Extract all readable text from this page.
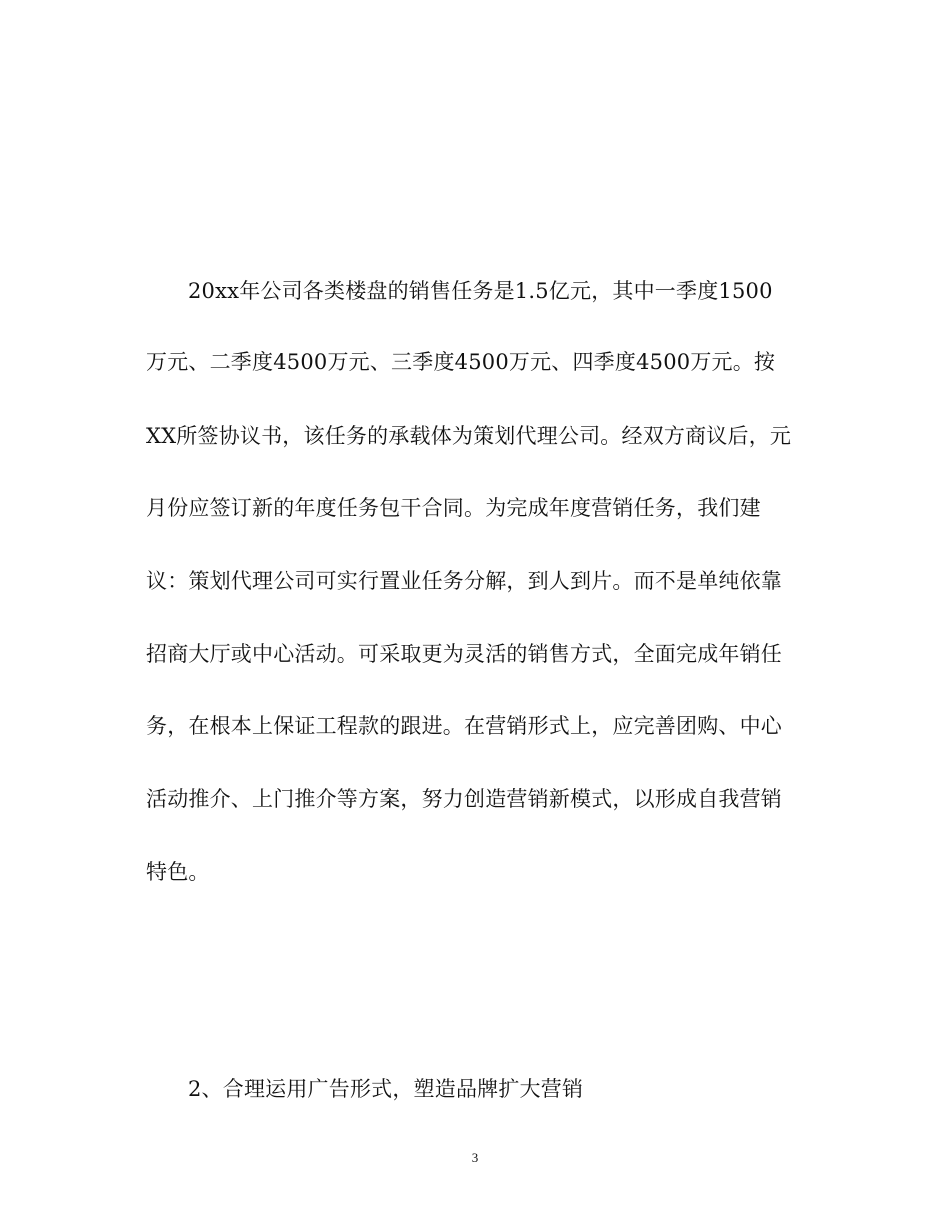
20xx年公司各类楼盘的销售任务是1.5亿元，其中一季度1500
万元、二季度4500万元、三季度4500万元、四季度4500万元。按
XX所签协议书，该任务的承载体为策划代理公司。经双方商议后，元
月份应签订新的年度任务包干合同。为完成年度营销任务，我们建
议：策划代理公司可实行置业任务分解，到人到片。而不是单纯依靠
招商大厅或中心活动。可采取更为灵活的销售方式，全面完成年销任
务，在根本上保证工程款的跟进。在营销形式上，应完善团购、中心
活动推介、上门推介等方案，努力创造营销新模式，以形成自我营销
特色。
2、合理运用广告形式，塑造品牌扩大营销
3
